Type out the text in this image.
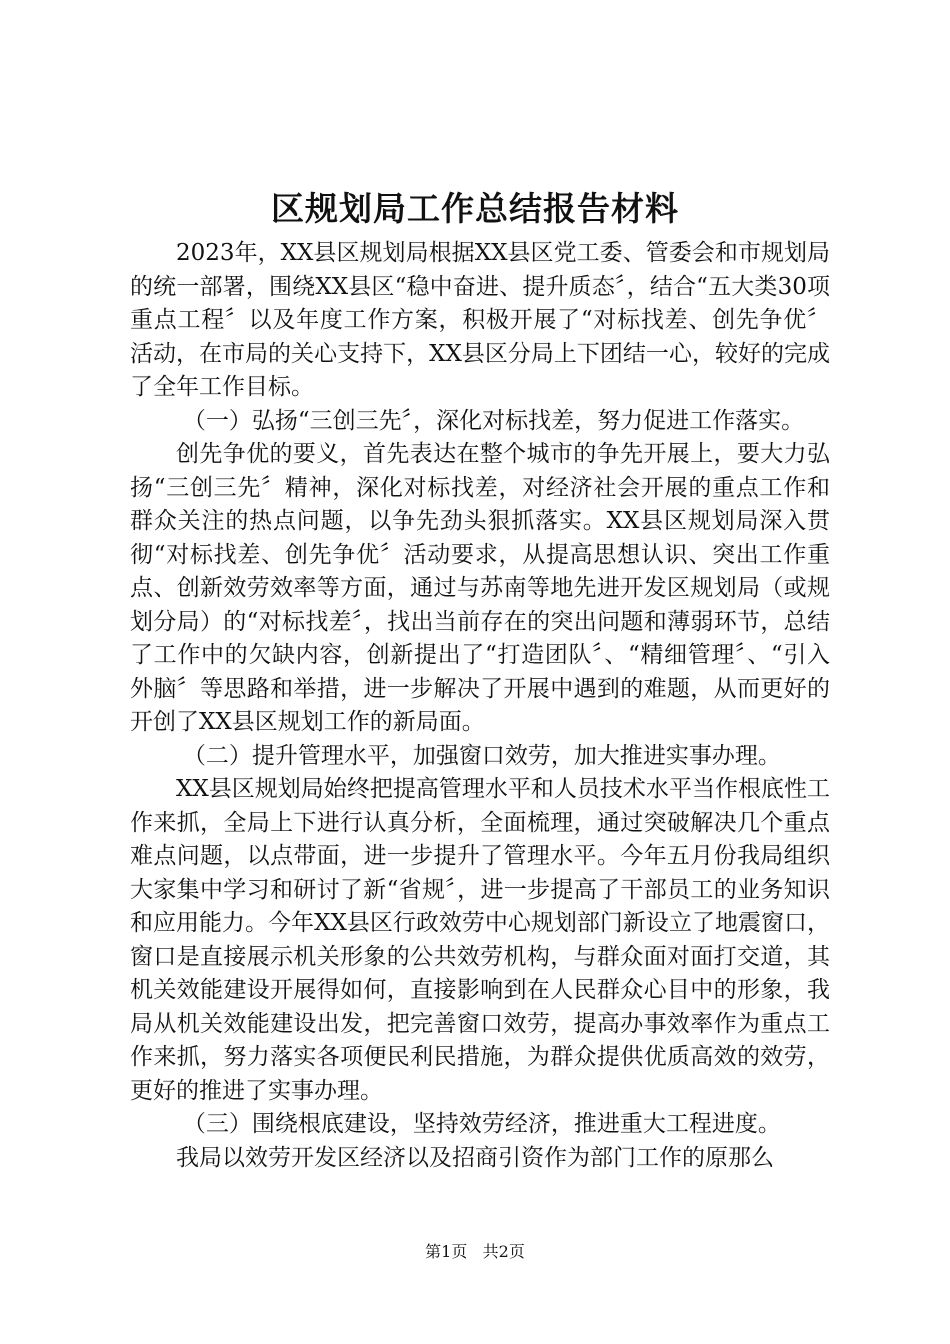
区规划局工作总结报告材料

2023年，XX县区规划局根据XX县区党工委、管委会和市规划局的统一部署，围绕XX县区“稳中奋进、提升质态〞，结合“五大类30项重点工程〞以及年度工作方案，积极开展了“对标找差、创先争优〞活动，在市局的关心支持下，XX县区分局上下团结一心，较好的完成了全年工作目标。

（一）弘扬“三创三先〞，深化对标找差，努力促进工作落实。

创先争优的要义，首先表达在整个城市的争先开展上，要大力弘扬“三创三先〞精神，深化对标找差，对经济社会开展的重点工作和群众关注的热点问题，以争先劲头狠抓落实。XX县区规划局深入贯彻“对标找差、创先争优〞活动要求，从提高思想认识、突出工作重点、创新效劳效率等方面，通过与苏南等地先进开发区规划局（或规划分局）的“对标找差〞，找出当前存在的突出问题和薄弱环节，总结了工作中的欠缺内容，创新提出了“打造团队〞、“精细管理〞、“引入外脑〞等思路和举措，进一步解决了开展中遇到的难题，从而更好的开创了XX县区规划工作的新局面。

（二）提升管理水平，加强窗口效劳，加大推进实事办理。

XX县区规划局始终把提高管理水平和人员技术水平当作根底性工作来抓，全局上下进行认真分析，全面梳理，通过突破解决几个重点难点问题，以点带面，进一步提升了管理水平。今年五月份我局组织大家集中学习和研讨了新“省规〞，进一步提高了干部员工的业务知识和应用能力。今年XX县区行政效劳中心规划部门新设立了地震窗口，窗口是直接展示机关形象的公共效劳机构，与群众面对面打交道，其机关效能建设开展得如何，直接影响到在人民群众心目中的形象，我局从机关效能建设出发，把完善窗口效劳，提高办事效率作为重点工作来抓，努力落实各项便民利民措施，为群众提供优质高效的效劳，更好的推进了实事办理。

（三）围绕根底建设，坚持效劳经济，推进重大工程进度。

我局以效劳开发区经济以及招商引资作为部门工作的原那么

第1页 共2页
